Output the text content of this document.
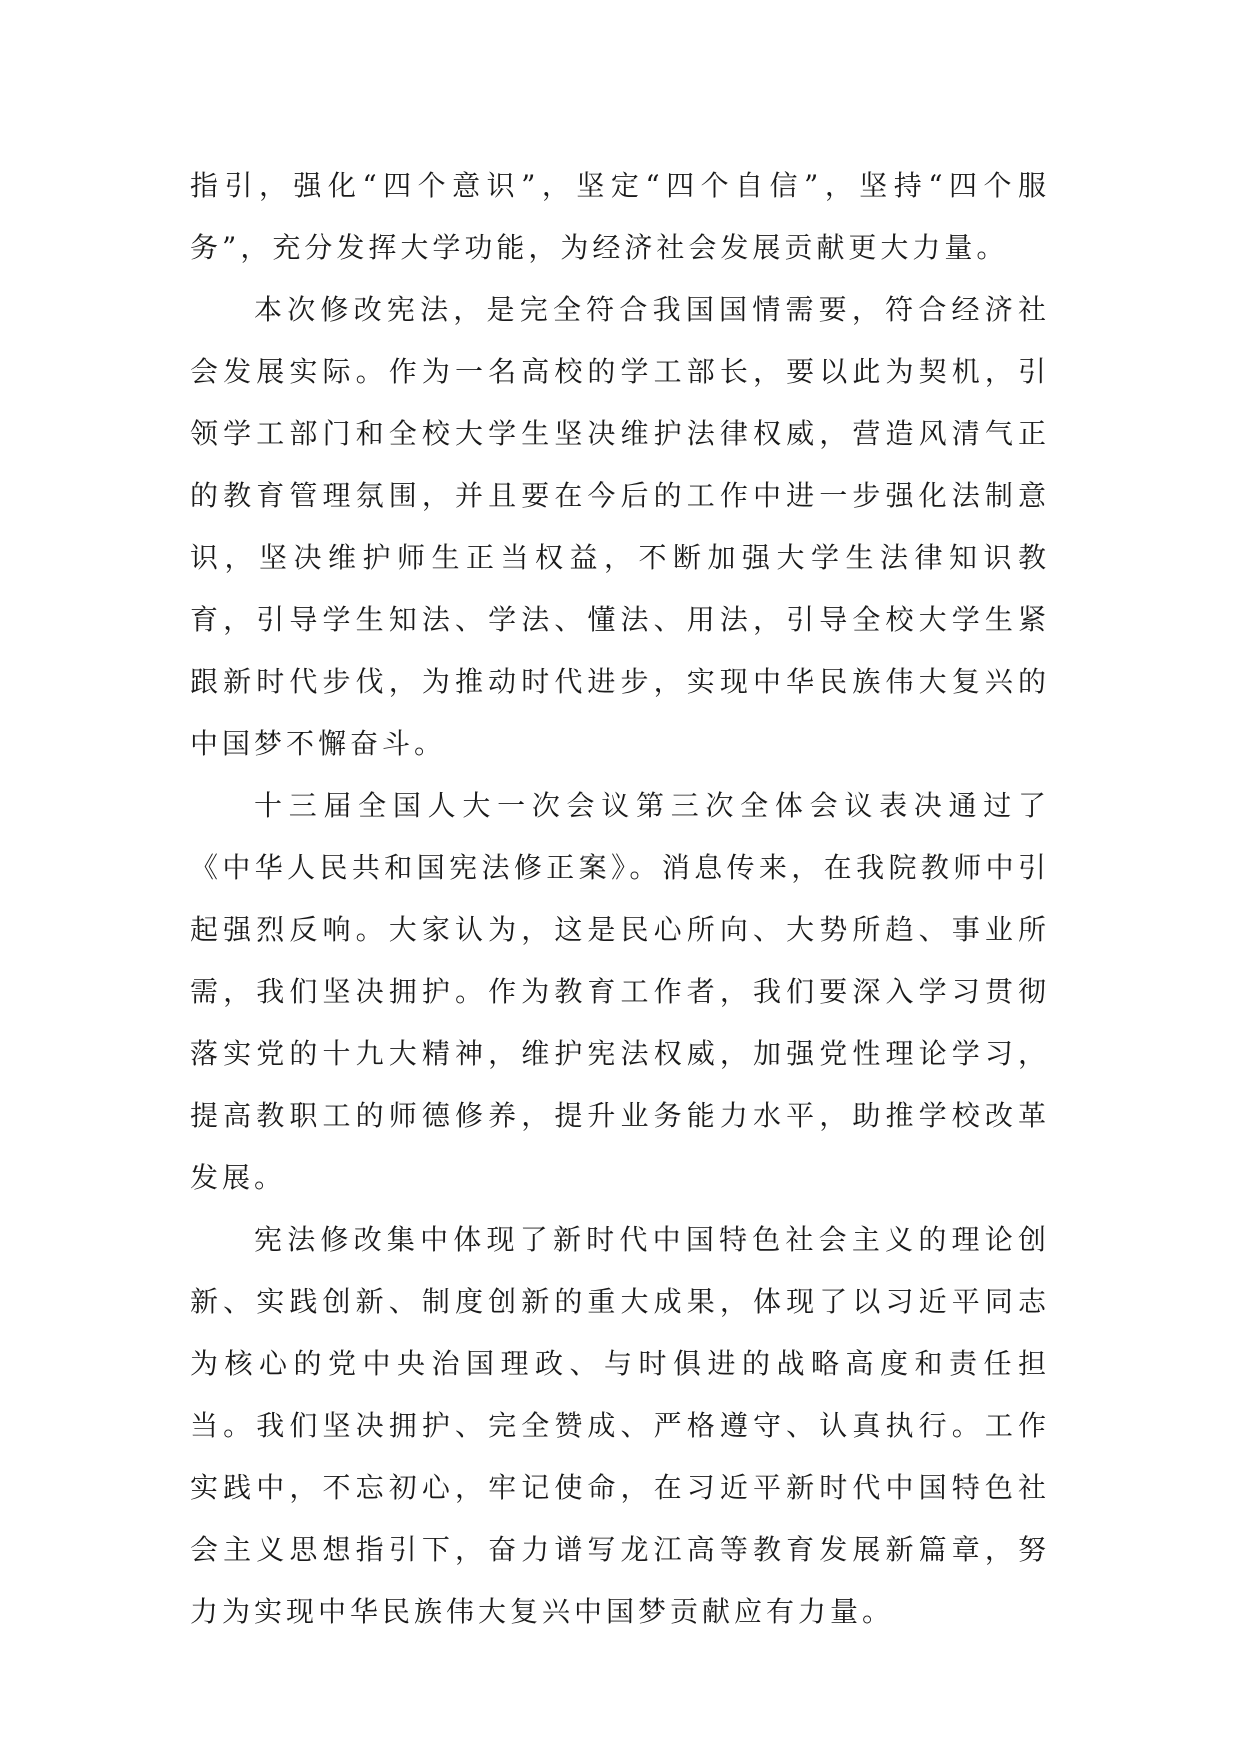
指引，强化“四个意识”，坚定“四个自信”，坚持“四个服务”，充分发挥大学功能，为经济社会发展贡献更大力量。

本次修改宪法，是完全符合我国国情需要，符合经济社会发展实际。作为一名高校的学工部长，要以此为契机，引领学工部门和全校大学生坚决维护法律权威，营造风清气正的教育管理氛围，并且要在今后的工作中进一步强化法制意识，坚决维护师生正当权益，不断加强大学生法律知识教育，引导学生知法、学法、懂法、用法，引导全校大学生紧跟新时代步伐，为推动时代进步，实现中华民族伟大复兴的中国梦不懈奋斗。

十三届全国人大一次会议第三次全体会议表决通过了《中华人民共和国宪法修正案》。消息传来，在我院教师中引起强烈反响。大家认为，这是民心所向、大势所趋、事业所需，我们坚决拥护。作为教育工作者，我们要深入学习贯彻落实党的十九大精神，维护宪法权威，加强党性理论学习，提高教职工的师德修养，提升业务能力水平，助推学校改革发展。

宪法修改集中体现了新时代中国特色社会主义的理论创新、实践创新、制度创新的重大成果，体现了以习近平同志为核心的党中央治国理政、与时俱进的战略高度和责任担当。我们坚决拥护、完全赞成、严格遵守、认真执行。工作实践中，不忘初心，牢记使命，在习近平新时代中国特色社会主义思想指引下，奋力谱写龙江高等教育发展新篇章，努力为实现中华民族伟大复兴中国梦贡献应有力量。
